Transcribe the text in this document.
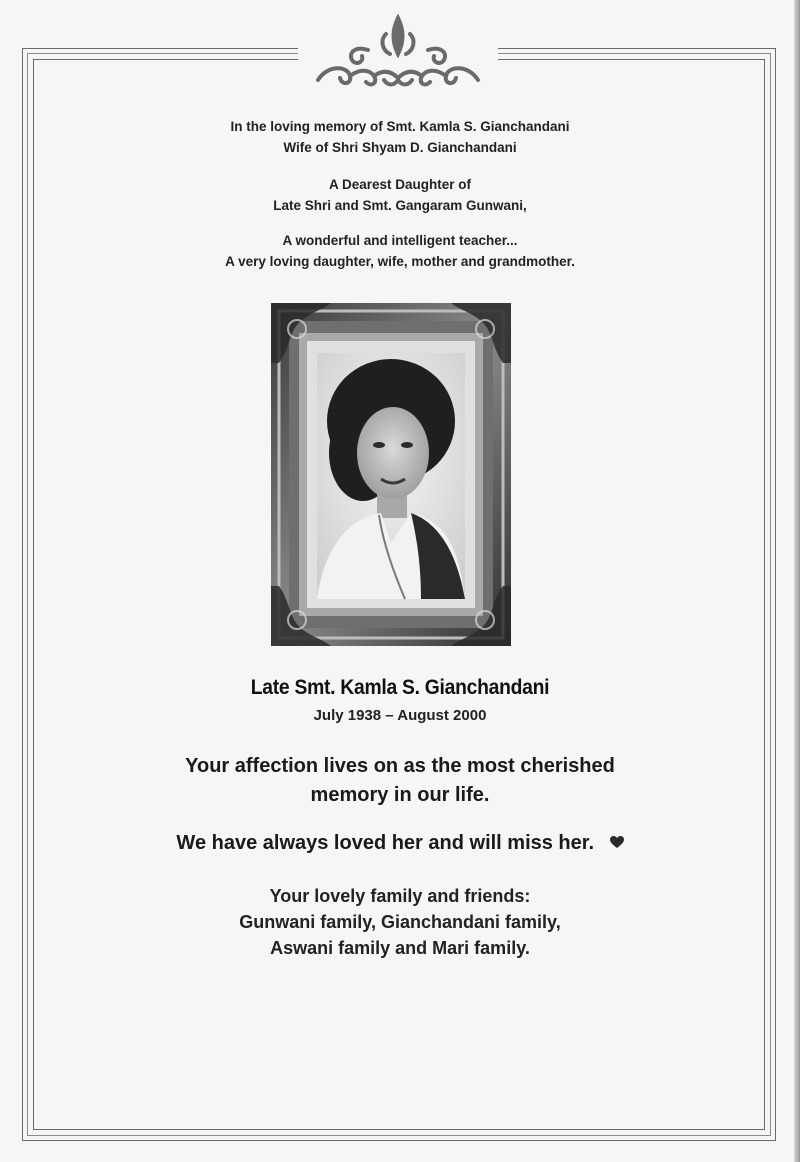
In the loving memory of Smt. Kamla S. Gianchandani

Wife of Shri Shyam D. Gianchandani

A Dearest Daughter of

Late Shri and Smt. Gangaram Gunwani,

A wonderful and intelligent teacher...

A very loving daughter, wife, mother and grandmother.

Late Smt. Kamla S. Gianchandani
July 1938 – August 2000

Your affection lives on as the most cherished

memory in our life.

We have always loved her and will miss her.

Your lovely family and friends:

Gunwani family, Gianchandani family,

Aswani family and Mari family.
